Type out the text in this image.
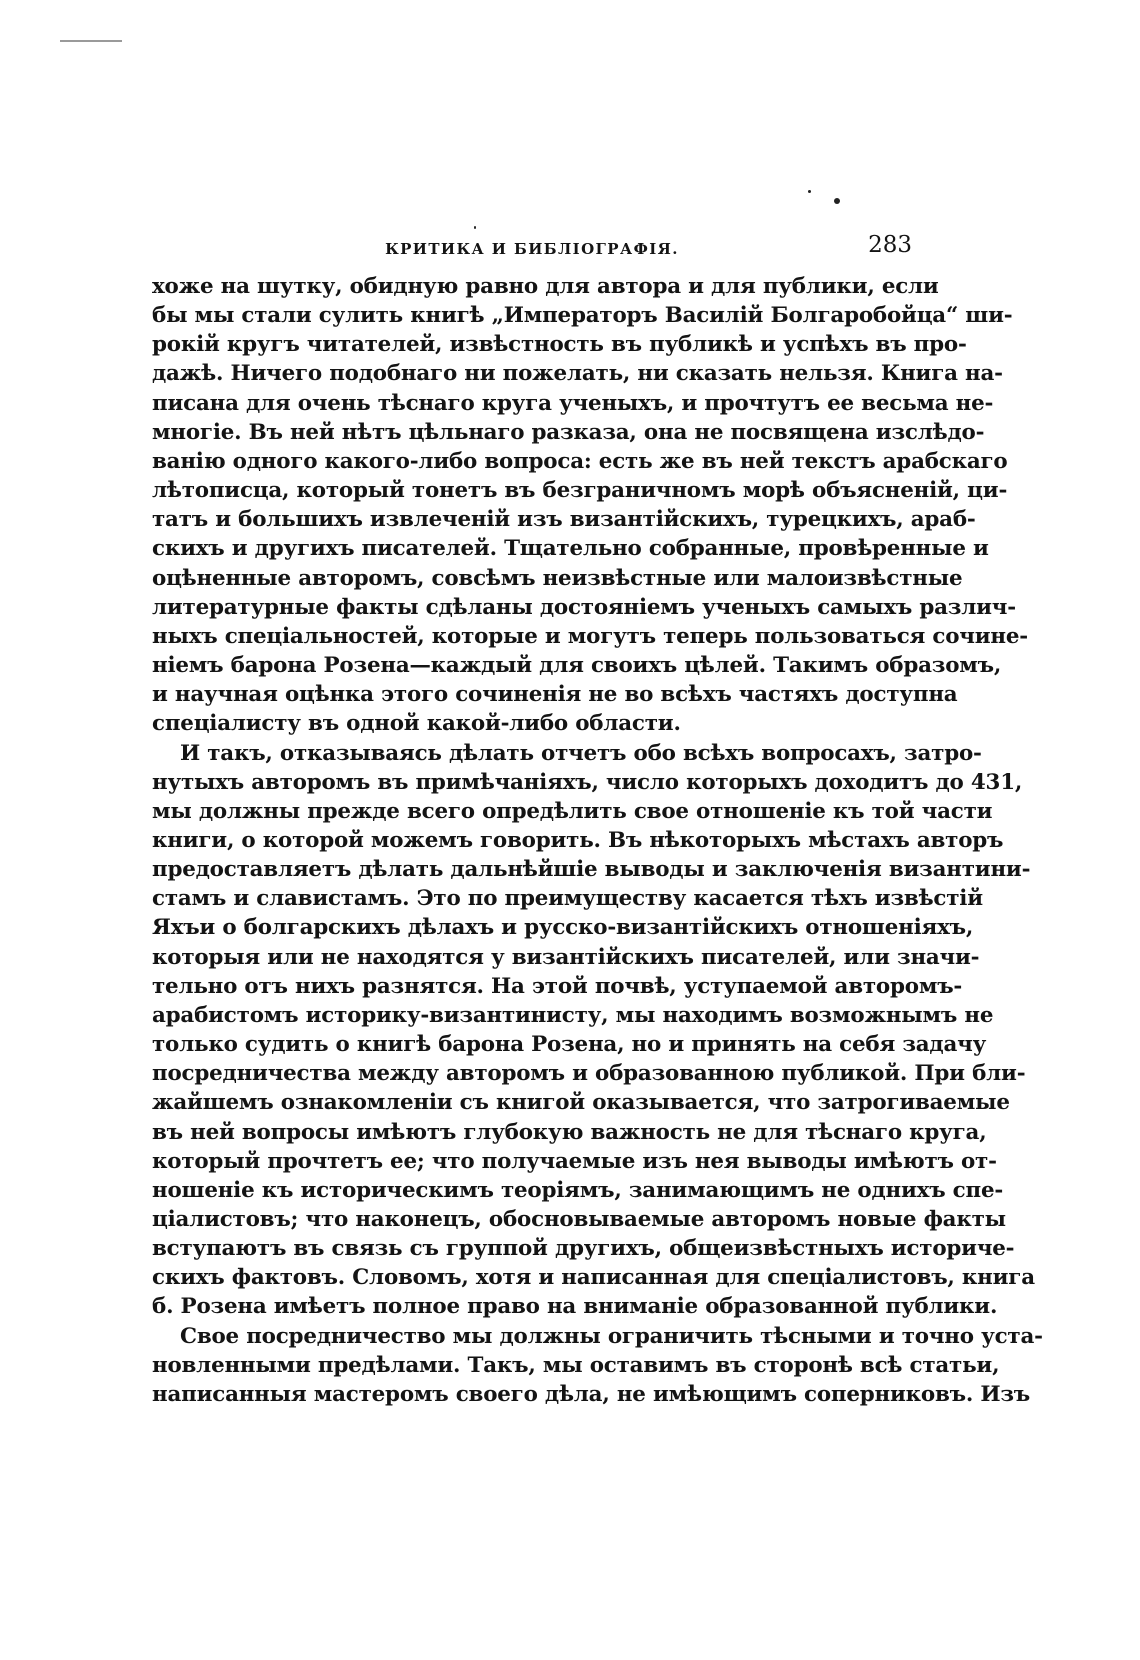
КРИТИКА И БИБЛІОГРАФІЯ.	283

хоже на шутку, обидную равно для автора и для публики, если
бы мы стали сулить книгѣ „Императоръ Василій Болгаробойца“ ши-
рокій кругъ читателей, извѣстность въ публикѣ и успѣхъ въ про-
дажѣ. Ничего подобнаго ни пожелать, ни сказать нельзя. Книга на-
писана для очень тѣснаго круга ученыхъ, и прочтутъ ее весьма не-
многіе. Въ ней нѣтъ цѣльнаго разказа, она не посвящена изслѣдо-
ванію одного какого-либо вопроса: есть же въ ней текстъ арабскаго
лѣтописца, который тонетъ въ безграничномъ морѣ объясненій, ци-
татъ и большихъ извлеченій изъ византійскихъ, турецкихъ, араб-
скихъ и другихъ писателей. Тщательно собранные, провѣренные и
оцѣненные авторомъ, совсѣмъ неизвѣстные или малоизвѣстные
литературные факты сдѣланы достояніемъ ученыхъ самыхъ различ-
ныхъ спеціальностей, которые и могутъ теперь пользоваться сочине-
ніемъ барона Розена—каждый для своихъ цѣлей. Такимъ образомъ,
и научная оцѣнка этого сочиненія не во всѣхъ частяхъ доступна
спеціалисту въ одной какой-либо области.

И такъ, отказываясь дѣлать отчетъ обо всѣхъ вопросахъ, затро-
нутыхъ авторомъ въ примѣчаніяхъ, число которыхъ доходитъ до 431,
мы должны прежде всего опредѣлить свое отношеніе къ той части
книги, о которой можемъ говорить. Въ нѣкоторыхъ мѣстахъ авторъ
предоставляетъ дѣлать дальнѣйшіе выводы и заключенія византини-
стамъ и славистамъ. Это по преимуществу касается тѣхъ извѣстій
Яхъи о болгарскихъ дѣлахъ и русско-византійскихъ отношеніяхъ,
которыя или не находятся у византійскихъ писателей, или значи-
тельно отъ нихъ разнятся. На этой почвѣ, уступаемой авторомъ-
арабистомъ историку-византинисту, мы находимъ возможнымъ не
только судить о книгѣ барона Розена, но и принять на себя задачу
посредничества между авторомъ и образованною публикой. При бли-
жайшемъ ознакомленіи съ книгой оказывается, что затрогиваемые
въ ней вопросы имѣютъ глубокую важность не для тѣснаго круга,
который прочтетъ ее; что получаемые изъ нея выводы имѣютъ от-
ношеніе къ историческимъ теоріямъ, занимающимъ не однихъ спе-
ціалистовъ; что наконецъ, обосновываемые авторомъ новые факты
вступаютъ въ связь съ группой другихъ, общеизвѣстныхъ историче-
скихъ фактовъ. Словомъ, хотя и написанная для спеціалистовъ, книга
б. Розена имѣетъ полное право на вниманіе образованной публики.

Свое посредничество мы должны ограничить тѣсными и точно уста-
новленными предѣлами. Такъ, мы оставимъ въ сторонѣ всѣ статьи,
написанныя мастеромъ своего дѣла, не имѣющимъ соперниковъ. Изъ
